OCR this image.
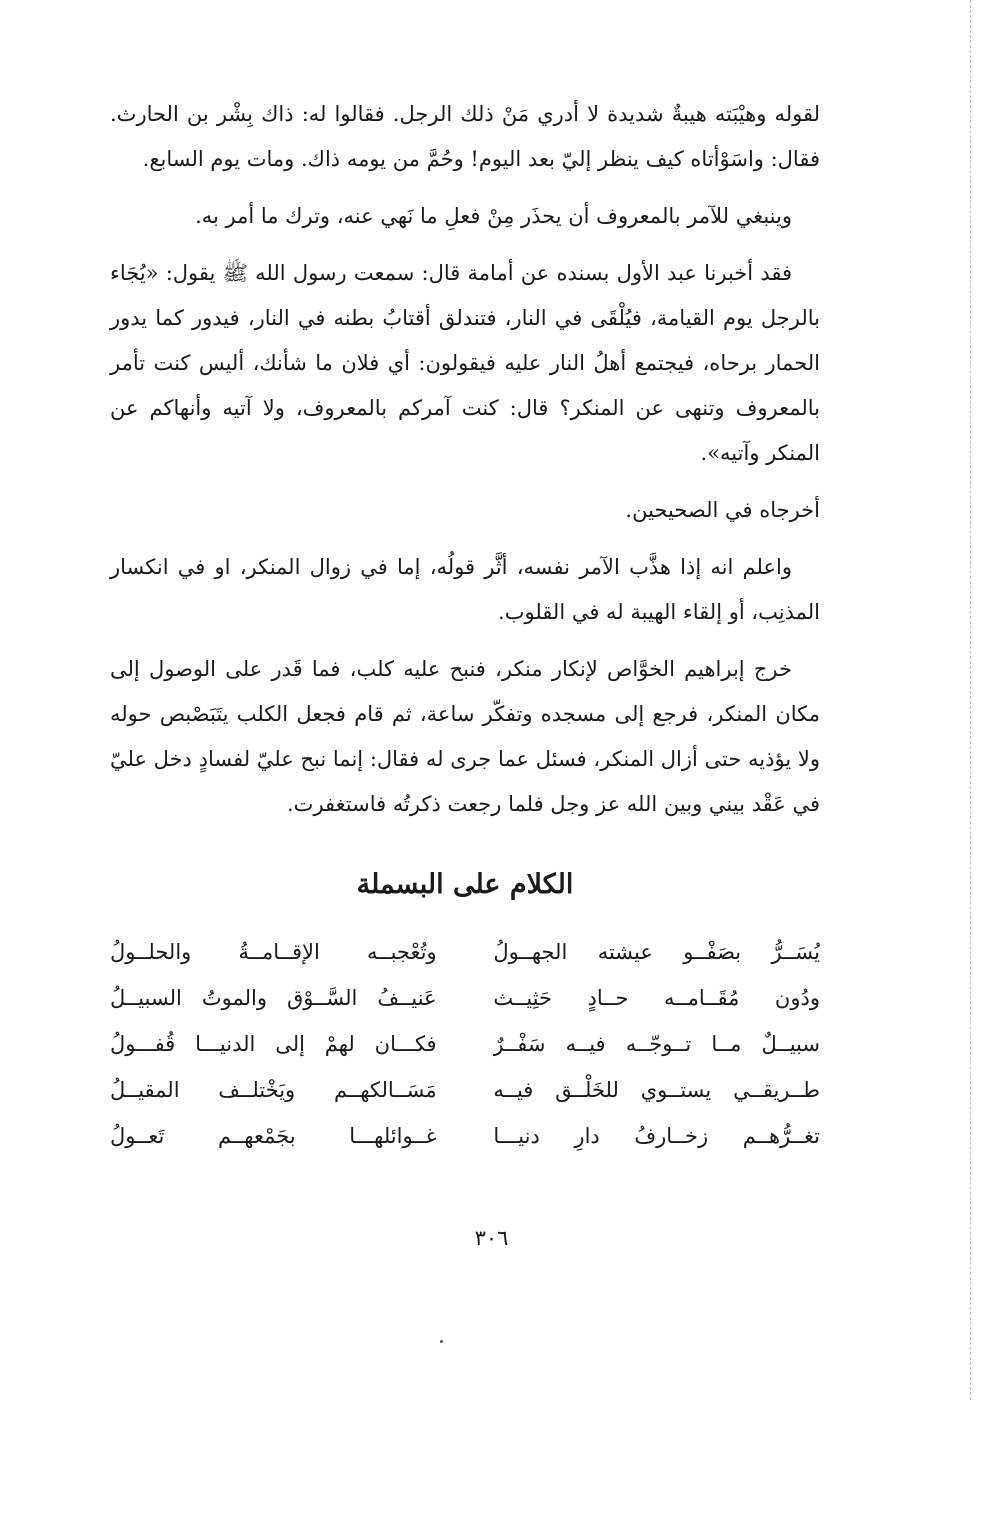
لقوله وهيْبَته هيبةٌ شديدة لا أدري مَنْ ذلك الرجل. فقالوا له: ذاك بِشْر بن الحارث. فقال: واسَوْأتاه كيف ينظر إليّ بعد اليوم! وحُمَّ من يومه ذاك. ومات يوم السابع.

وينبغي للآمر بالمعروف أن يحذَر مِنْ فعلِ ما نَهي عنه، وترك ما أمر به.

فقد أخبرنا عبد الأول بسنده عن أمامة قال: سمعت رسول الله ﷺ يقول: «يُجَاء بالرجل يوم القيامة، فيُلْقَى في النار، فتندلق أقتابُ بطنه في النار، فيدور كما يدور الحمار برحاه، فيجتمع أهلُ النار عليه فيقولون: أي فلان ما شأنك، أليس كنت تأمر بالمعروف وتنهى عن المنكر؟ قال: كنت آمركم بالمعروف، ولا آتيه وأنهاكم عن المنكر وآتيه».

أخرجاه في الصحيحين.

واعلم انه إذا هذَّب الآمر نفسه، أثَّر قولُه، إما في زوال المنكر، او في انكسار المذنِب، أو إلقاء الهيبة له في القلوب.

خرج إبراهيم الخوَّاص لإنكار منكر، فنبح عليه كلب، فما قَدر على الوصول إلى مكان المنكر، فرجع إلى مسجده وتفكّر ساعة، ثم قام فجعل الكلب يتَبَصْبص حوله ولا يؤذيه حتى أزال المنكر، فسئل عما جرى له فقال: إنما نبح عليّ لفسادٍ دخل عليّ في عَقْد بيني وبين الله عز وجل فلما رجعت ذكرتُه فاستغفرت.

الكلام على البسملة
يُسَــرُّ بصَفْــو عيشته الجهــولُ
وتُعْجبــه الإقــامــةُ والحلــولُ
ودُون مُقَــامــه حــادٍ حَثِيــث
عَنيــفُ السَّــوْق والموتُ السبيــلُ
سبيــلٌ مــا تــوجّــه فيــه سَفْــرٌ
فكـــان لهمْ إلى الدنيـــا قُفـــولُ
طــريقــي يستــوي للخَلْــق فيــه
مَسَــالكهــم ويَخْتلــف المقيــلُ
تغــرُّهــم زخــارفُ دارِ دنيـــا
غــوائلهـــا بجَمْعهــم تَعــولُ
٣٠٦
